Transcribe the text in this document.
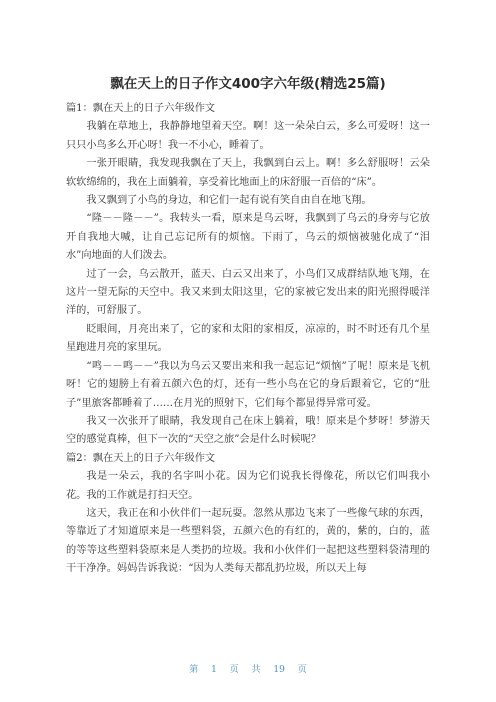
飘在天上的日子作文400字六年级(精选25篇)

篇1：飘在天上的日子六年级作文

我躺在草地上，我静静地望着天空。啊！这一朵朵白云，多么可爱呀！这一只只小鸟多么开心呀！我一不小心，睡着了。

一张开眼睛，我发现我飘在了天上，我飘到白云上。啊！多么舒服呀！云朵软软绵绵的，我在上面躺着，享受着比地面上的床舒服一百倍的“床”。

我又飘到了小鸟的身边，和它们一起有说有笑自由自在地飞翔。

“隆－－隆－－”。我转头一看，原来是乌云呀，我飘到了乌云的身旁与它放开自我地大喊，让自己忘记所有的烦恼。下雨了，乌云的烦恼被驰化成了“泪水”向地面的人们泼去。

过了一会，乌云散开，蓝天、白云又出来了，小鸟们又成群结队地飞翔，在这片一望无际的天空中。我又来到太阳这里，它的家被它发出来的阳光照得暖洋洋的，可舒服了。

眨眼间，月亮出来了，它的家和太阳的家相反，凉凉的，时不时还有几个星星跑进月亮的家里玩。

“鸣－－鸣－－”我以为乌云又要出来和我一起忘记“烦恼”了呢！原来是飞机呀！它的翅膀上有着五颜六色的灯，还有一些小鸟在它的身后跟着它，它的“肚子”里旅客都睡着了……在月光的照射下，它们每个都显得异常可爱。

我又一次张开了眼睛，我发现自己在床上躺着，哦！原来是个梦呀！梦游天空的感觉真棒，但下一次的“天空之旅”会是什么时候呢？

篇2：飘在天上的日子六年级作文

我是一朵云，我的名字叫小花。因为它们说我长得像花，所以它们叫我小花。我的工作就是打扫天空。

这天，我正在和小伙伴们一起玩耍。忽然从那边飞来了一些像气球的东西，等靠近了才知道原来是一些塑料袋，五颜六色的有红的，黄的，紫的，白的，蓝的等等这些塑料袋原来是人类扔的垃圾。我和小伙伴们一起把这些塑料袋清理的干干净净。妈妈告诉我说：“因为人类每天都乱扔垃圾，所以天上每

第 1 页 共 19 页
